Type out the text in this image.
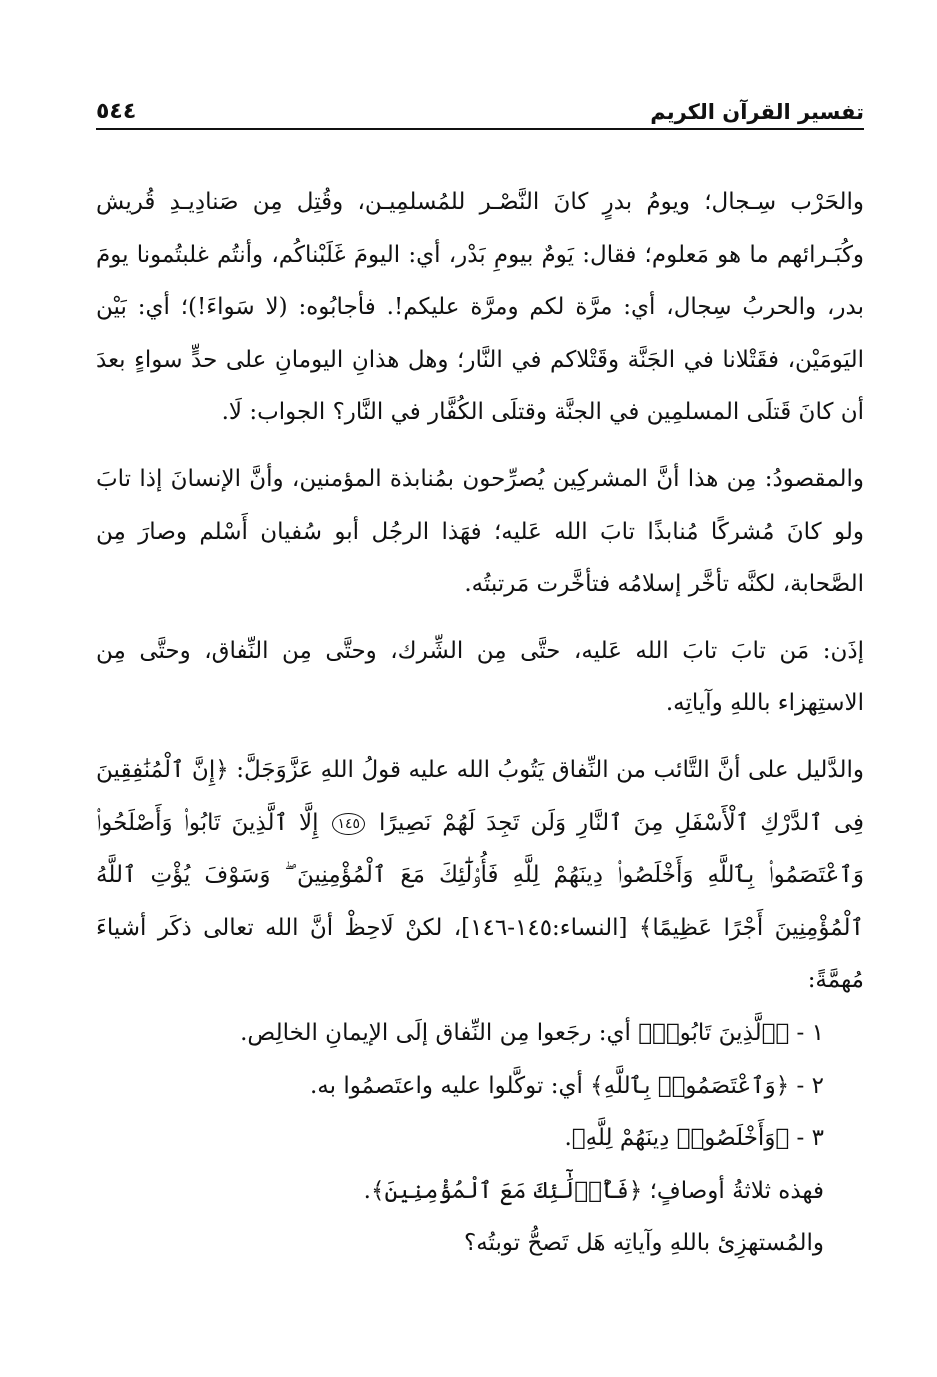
تفسير القرآن الكريم
٥٤٤

والحَرْب سِـجال؛ ويومُ بدرٍ كانَ النَّصْـر للمُسلمِيـن، وقُتِل مِن صَنادِيـدِ قُريش وكُبَـرائهم ما هو مَعلوم؛ فقال: يَومٌ بيومِ بَدْر، أي: اليومَ غَلَبْناكُم، وأنتُم غلبتُمونا يومَ بدر، والحربُ سِجال، أي: مرَّة لكم ومرَّة عليكم!. فأجابُوه: (لا سَواءَ!)؛ أي: بَيْن اليَومَيْن، فقَتْلانا في الجَنَّة وقَتْلاكم في النَّار؛ وهل هذانِ اليومانِ على حدٍّ سواءٍ بعدَ أن كانَ قَتلَى المسلمِين في الجنَّة وقتلَى الكُفَّار في النَّار؟ الجواب: لَا.

والمقصودُ: مِن هذا أنَّ المشركِين يُصرِّحون بمُنابذة المؤمنين، وأنَّ الإنسانَ إذا تابَ ولو كانَ مُشركًا مُنابذًا تابَ الله عَليه؛ فهَذا الرجُل أبو سُفيان أَسْلم وصارَ مِن الصَّحابة، لكنَّه تأخَّر إسلامُه فتأخَّرت مَرتبتُه.

إذَن: مَن تابَ تابَ الله عَليه، حتَّى مِن الشِّرك، وحتَّى مِن النِّفاق، وحتَّى مِن الاستِهزاء باللهِ وآياتِه.

والدَّليل على أنَّ التَّائب من النِّفاق يَتُوبُ الله عليه قولُ اللهِ عَزَّوَجَلَّ: ﴿إِنَّ ٱلْمُنَٰفِقِينَ فِى ٱلدَّرْكِ ٱلْأَسْفَلِ مِنَ ٱلنَّارِ وَلَن تَجِدَ لَهُمْ نَصِيرًا ١٤٥ إِلَّا ٱلَّذِينَ تَابُوا۟ وَأَصْلَحُوا۟ وَٱعْتَصَمُوا۟ بِٱللَّهِ وَأَخْلَصُوا۟ دِينَهُمْ لِلَّهِ فَأُو۟لَٰٓئِكَ مَعَ ٱلْمُؤْمِنِينَ ۖ وَسَوْفَ يُؤْتِ ٱللَّهُ ٱلْمُؤْمِنِينَ أَجْرًا عَظِيمًا﴾ [النساء:١٤٥-١٤٦]، لكنْ لَاحِظْ أنَّ الله تعالى ذكَر أشياءَ مُهمَّةً:

١ - ﴿ٱلَّذِينَ تَابُوا۟﴾ أي: رجَعوا مِن النِّفاق إلَى الإيمانِ الخالِص.

٢ - ﴿وَٱعْتَصَمُوا۟ بِٱللَّهِ﴾ أي: توكَّلوا عليه واعتَصمُوا به.

٣ - ﴿وَأَخْلَصُوا۟ دِينَهُمْ لِلَّهِ﴾.

فهذه ثلاثةُ أوصافٍ؛ ﴿فَأُو۟لَٰٓئِكَ مَعَ ٱلْمُؤْمِنِينَ﴾.

والمُستهزِئ باللهِ وآياتِه هَل تَصحُّ توبتُه؟
